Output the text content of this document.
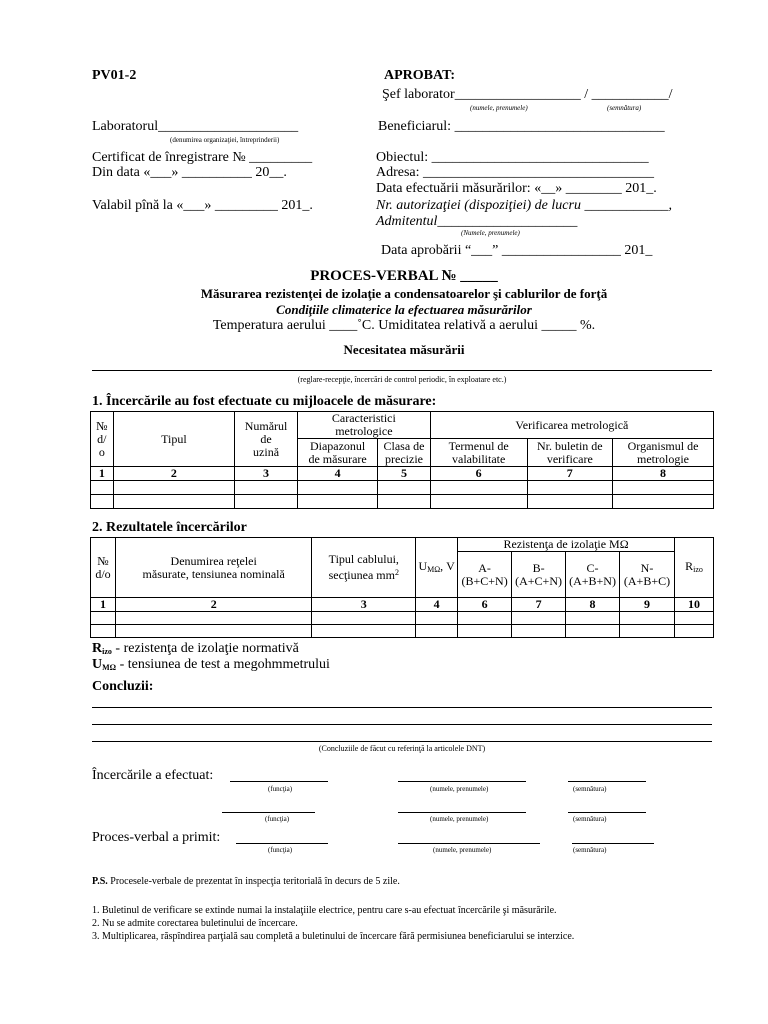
PV01-2	APROBAT:
Şef laborator__________________ / ___________/
(numele, prenumele)	(semnătura)
Laboratorul____________________
(denumirea organizaţiei, întreprinderii)
Certificat de înregistrare № _________
Din data «___» __________ 20__.
Valabil pînă la «___» _________ 201_.
Beneficiarul: ______________________________
Obiectul: _______________________________
Adresa: _________________________________
Data efectuării măsurărilor: «__» ________ 201_.
Nr. autorizaţiei (dispoziţiei) de lucru ____________,
Admitentul____________________
(Numele, prenumele)
Data aprobării “___” _________________ 201_
PROCES-VERBAL № _____
Măsurarea rezistenţei de izolaţie a condensatoarelor şi cablurilor de forţă
Condiţiile climaterice la efectuarea măsurărilor
Temperatura aerului ____˚C. Umiditatea relativă a aerului _____ %.
Necesitatea măsurării
(reglare-recepţie, încercări de control periodic, în exploatare etc.)
1. Încercările au fost efectuate cu mijloacele de măsurare:
№
d/
o	Tipul	Numărul
de
uzină	Caracteristici
metrologice		Verificarea metrologică		
			Diapazonul
de măsurare	Clasa de
precizie	Termenul de
valabilitate	Nr. buletin de
verificare	Organismul de
metrologie
1	2	3	4	5	6	7	8

2. Rezultatele încercărilor
№
d/o	Denumirea reţelei
măsurate, tensiunea nominală	Tipul cablului,
secţiunea $mm^2$	$U_{M\Omega}$, V	Rezistenţa de izolaţie MΩ				$R_{izo}$
				A-
(B+C+N)	B-
(A+C+N)	C-
(A+B+N)	N-
(A+B+C)	
1	2	3	4	6	7	8	9	10

$R_{izo}$ - rezistenţa de izolaţie normativă
$U_{M\Omega}$ - tensiunea de test a megohmmetrului
Concluzii:
(Concluziile de făcut cu referinţă la articolele DNT)
Încercările a efectuat:
(funcţia)	(numele, prenumele)	(semnătura)
(funcţia)	(numele, prenumele)	(semnătura)
Proces-verbal a primit:
(funcţia)	(numele, prenumele)	(semnătura)
P.S. Procesele-verbale de prezentat în inspecţia teritorială în decurs de 5 zile.
1. Buletinul de verificare se extinde numai la instalaţiile electrice, pentru care s-au efectuat încercările şi măsurările.
2. Nu se admite corectarea buletinului de încercare.
3. Multiplicarea, răspîndirea parţială sau completă a buletinului de încercare fără permisiunea beneficiarului se interzice.
